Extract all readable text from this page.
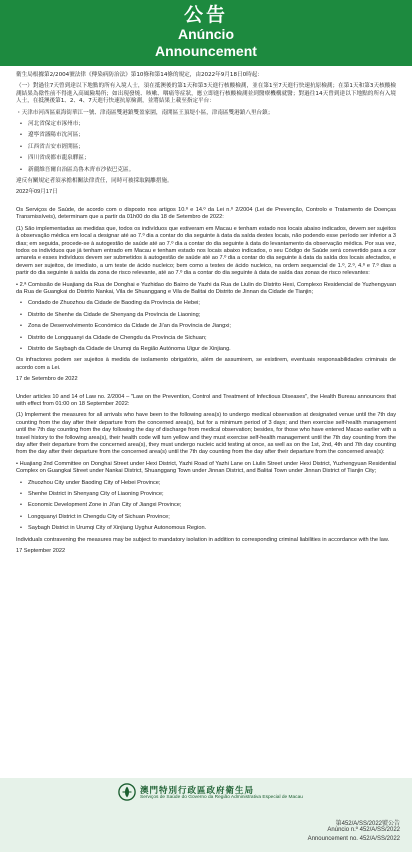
公告
Anúncio
Announcement

衛生局根據第2/2004號法律《傳染病防治法》第10條和第14條的規定，由2022年9月18日0時起：

（一）對過往7天曾到達以下地點的所有入境人士，須在抵澳後的第1天和第3天進行核酸檢測，並在第1至7天進行快速抗原檢測；在第1天和第3天核酸檢測結果為陰性前不得進入高風險場所；如出現發燒、咳嗽、咽痛等症狀，應立即進行核酸檢測並到醫療機構就醫；對過往14天曾到達以下地點的所有入境人士，在抵澳後第1、2、4、7天進行快速抗原檢測，並將結果上載至指定平台：

・天津市河西區東海街華江一號、津南區雙港鎮雙盈家園，南開區王頂堤小區，津南區雙港鎮八里台鎮；

• 河北省保定市涿州市；
• 遼寧省瀋陽市沈河區；
• 江西省吉安市經開區；
• 四川省成都市龍泉驛區；
• 新疆維吾爾自治區烏魯木齊市沙依巴克區。

違反有關規定者須承擔相關法律責任，同時可被採取隔離措施。

2022年09月17日

Os Serviços de Saúde, de acordo com o disposto nos artigos 10.º e 14.º da Lei n.º 2/2004 (Lei de Prevenção, Controlo e Tratamento de Doenças Transmissíveis), determinam que a partir da 01h00 do dia 18 de Setembro de 2022:

(1) São implementadas as medidas que, todos os indivíduos que estiveram em Macau e tenham estado nos locais abaixo indicados, devem ser sujeitos à observação médica em local a designar até ao 7.º dia a contar do dia seguinte à data da saída destes locais, não podendo esse período ser inferior a 3 dias; em seguida, procede-se à autogestão de saúde até ao 7.º dia a contar do dia seguinte à data do levantamento da observação médica. Por sua vez, todos os indivíduos que já tenham entrado em Macau e tenham estado nos locais abaixo indicados, o seu Código de Saúde será convertido para a cor amarela e esses indivíduos devem ser submetidos à autogestão de saúde até ao 7.º dia a contar do dia seguinte à data da saída dos locais afectados, e devem ser sujeitos, de imediato, a um teste de ácido nucleico; bem como a testes de ácido nucleico, na ordem sequencial de 1.º, 2.º, 4.º e 7.º dias a partir do dia seguinte à saída da zona de risco relevante, até ao 7.º dia a contar do dia seguinte à data de saída das zonas de risco relevantes:

• 2.ª Comissão de Huajiang da Rua de Donghai e Yuzhidao do Bairro de Yazhi da Rua de Liulin do Distrito Hexi, Complexo Residencial de Yuzhengyuan da Rua de Guangkai do Distrito Nankai, Vila de Shuanggang e Vila de Balitai do Distrito de Jinnan da Cidade de Tianjin;

• Condado de Zhuozhou da Cidade de Baoding da Província de Hebei;
• Distrito de Shenhe da Cidade de Shenyang da Província de Liaoning;
• Zona de Desenvolvimento Económico da Cidade de Ji'an da Província de Jiangxi;
• Distrito de Longquanyi da Cidade de Chengdu da Província de Sichuan;
• Distrito de Saybagh da Cidade de Urumqi da Região Autónoma Uigur de Xinjiang.

Os infractores podem ser sujeitos à medida de isolamento obrigatório, além de assumirem, se existirem, eventuais responsabilidades criminais de acordo com a Lei.

17 de Setembro de 2022

Under articles 10 and 14 of Law no. 2/2004 – "Law on the Prevention, Control and Treatment of Infectious Diseases", the Health Bureau announces that with effect from 01:00 on 18 September 2022:

(1) Implement the measures for all arrivals who have been to the following area(s) to undergo medical observation at designated venue until the 7th day counting from the day after their departure from the concerned area(s), but for a minimum period of 3 days; and then exercise self-health management until the 7th day counting from the day following the day of discharge from medical observation; besides, for those who have entered Macao earlier with a travel history to the following area(s), their health code will turn yellow and they must exercise self-health management until the 7th day counting from the day after their departure from the concerned area(s), they must undergo nucleic acid testing at once, as well as on the 1st, 2nd, 4th and 7th day counting from the day after their departure from the concerned area(s) until the 7th day counting from the day after their departure from the concerned area(s):

• Huajiang 2nd Committee on Donghai Street under Hexi District, Yazhi Road of Yazhi Lane on Liulin Street under Hexi District, Yuzhengyuan Residential Complex on Guangkai Street under Nankai District, Shuanggang Town under Jinnan District, and Balitai Town under Jinnan District of Tianjin City;

• Zhuozhou City under Baoding City of Hebei Province;
• Shenhe District in Shenyang City of Liaoning Province;
• Economic Development Zone in Ji'an City of Jiangxi Province;
• Longquanyi District in Chengdu City of Sichuan Province;
• Saybagh District in Urumqi City of Xinjiang Uyghur Autonomous Region.

Individuals contravening the measures may be subject to mandatory isolation in addition to corresponding criminal liabilities in accordance with the law.

17 September 2022
澳門特別行政區政府衛生局
Serviços de Saúde do Governo da Região Administrativa Especial de Macau
第452/A/SS/2022號公告
Anúncio n.º 452/A/SS/2022
Announcement no. 452/A/SS/2022
